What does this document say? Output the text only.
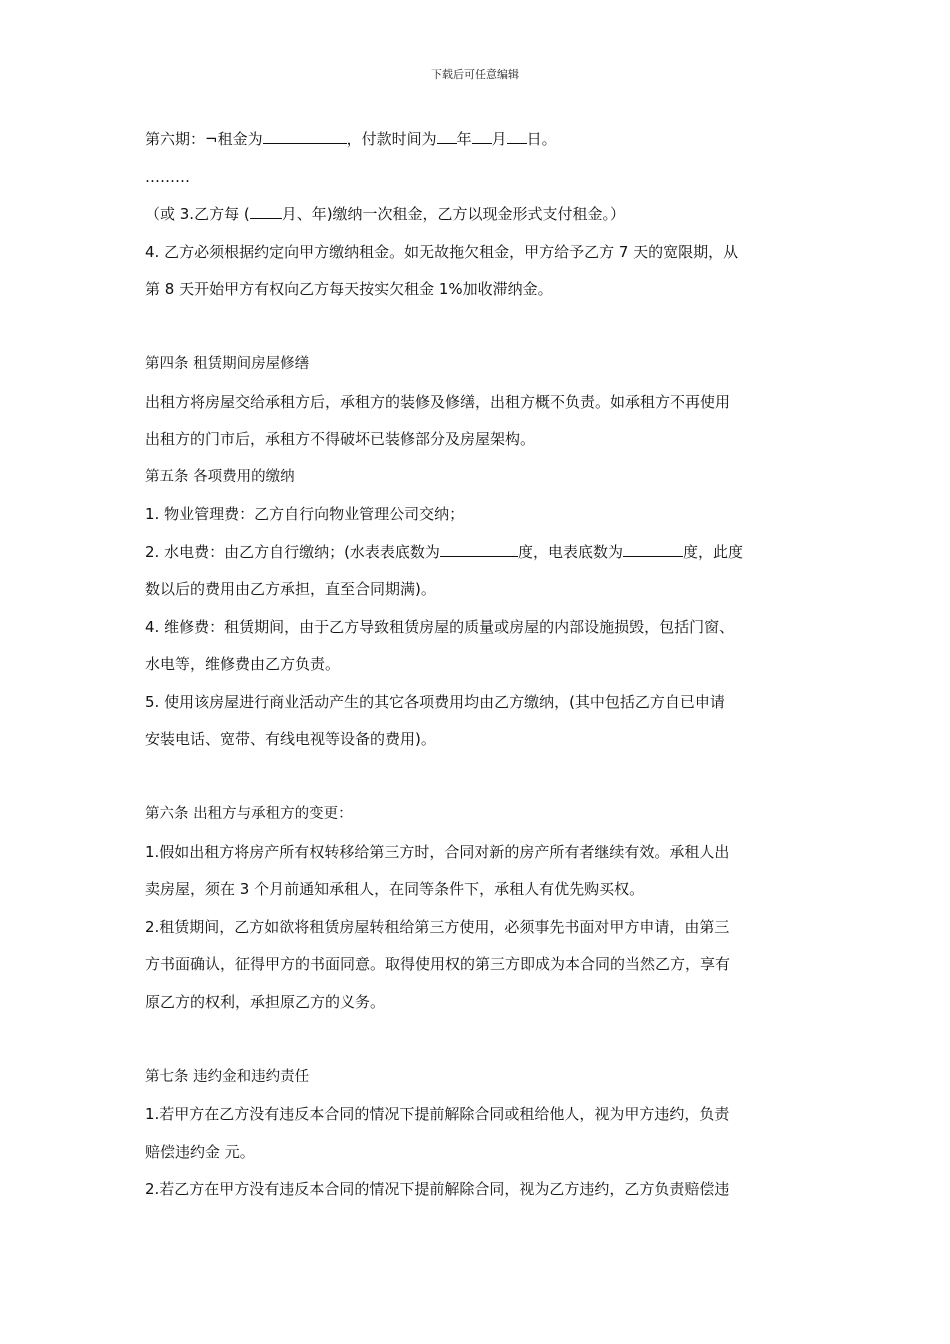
下载后可任意编辑
第六期：¬租金为	，付款时间为 年 月 日。
………
（或 3.乙方每 ( 月、年)缴纳一次租金，乙方以现金形式支付租金。）
4. 乙方必须根据约定向甲方缴纳租金。如无故拖欠租金，甲方给予乙方 7 天的宽限期，从
第 8 天开始甲方有权向乙方每天按实欠租金 1%加收滞纳金。
第四条 租赁期间房屋修缮
出租方将房屋交给承租方后，承租方的装修及修缮，出租方概不负责。如承租方不再使用
出租方的门市后，承租方不得破坏已装修部分及房屋架构。
第五条 各项费用的缴纳
1. 物业管理费：乙方自行向物业管理公司交纳；
2. 水电费：由乙方自行缴纳；(水表表底数为	度，电表底数为	度，此度
数以后的费用由乙方承担，直至合同期满)。
4. 维修费：租赁期间，由于乙方导致租赁房屋的质量或房屋的内部设施损毁，包括门窗、
水电等，维修费由乙方负责。
5. 使用该房屋进行商业活动产生的其它各项费用均由乙方缴纳，(其中包括乙方自已申请
安装电话、宽带、有线电视等设备的费用)。
第六条 出租方与承租方的变更：
1.假如出租方将房产所有权转移给第三方时，合同对新的房产所有者继续有效。承租人出
卖房屋，须在 3 个月前通知承租人，在同等条件下，承租人有优先购买权。
2.租赁期间，乙方如欲将租赁房屋转租给第三方使用，必须事先书面对甲方申请，由第三
方书面确认，征得甲方的书面同意。取得使用权的第三方即成为本合同的当然乙方，享有
原乙方的权利，承担原乙方的义务。
第七条 违约金和违约责任
1.若甲方在乙方没有违反本合同的情况下提前解除合同或租给他人，视为甲方违约，负责
赔偿违约金 元。
2.若乙方在甲方没有违反本合同的情况下提前解除合同，视为乙方违约，乙方负责赔偿违
